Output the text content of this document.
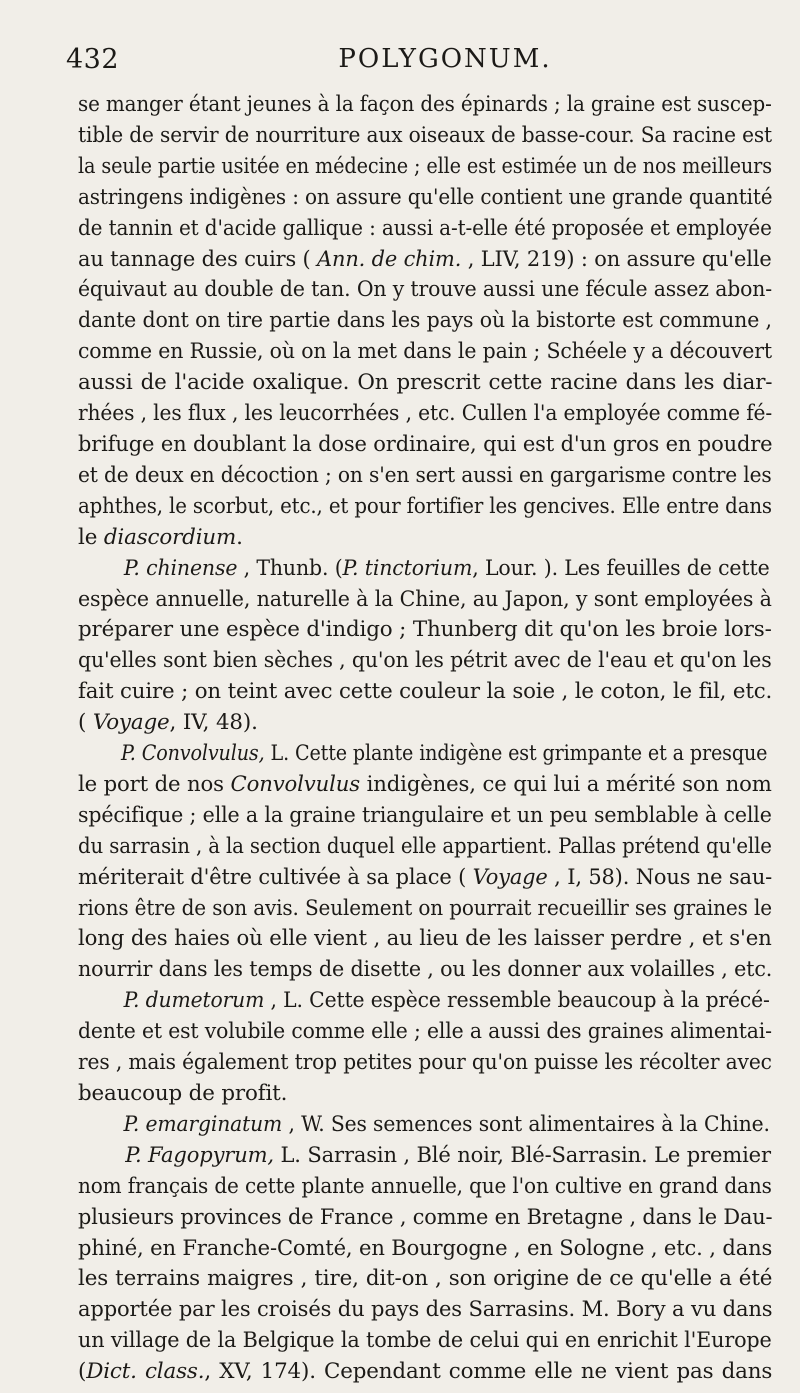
432	POLYGONUM.
se manger étant jeunes à la façon des épinards ; la graine est suscep-
tible de servir de nourriture aux oiseaux de basse-cour. Sa racine est
la seule partie usitée en médecine ; elle est estimée un de nos meilleurs
astringens indigènes : on assure qu'elle contient une grande quantité
de tannin et d'acide gallique : aussi a-t-elle été proposée et employée
au tannage des cuirs ( Ann. de chim. , LIV, 219) : on assure qu'elle
équivaut au double de tan. On y trouve aussi une fécule assez abon-
dante dont on tire partie dans les pays où la bistorte est commune ,
comme en Russie, où on la met dans le pain ; Schéele y a découvert
aussi de l'acide oxalique. On prescrit cette racine dans les diar-
rhées , les flux , les leucorrhées , etc. Cullen l'a employée comme fé-
brifuge en doublant la dose ordinaire, qui est d'un gros en poudre
et de deux en décoction ; on s'en sert aussi en gargarisme contre les
aphthes, le scorbut, etc., et pour fortifier les gencives. Elle entre dans
le diascordium.
P. chinense , Thunb. (P. tinctorium, Lour. ). Les feuilles de cette
espèce annuelle, naturelle à la Chine, au Japon, y sont employées à
préparer une espèce d'indigo ; Thunberg dit qu'on les broie lors-
qu'elles sont bien sèches , qu'on les pétrit avec de l'eau et qu'on les
fait cuire ; on teint avec cette couleur la soie , le coton, le fil, etc.
( Voyage, IV, 48).
P. Convolvulus, L. Cette plante indigène est grimpante et a presque
le port de nos Convolvulus indigènes, ce qui lui a mérité son nom
spécifique ; elle a la graine triangulaire et un peu semblable à celle
du sarrasin , à la section duquel elle appartient. Pallas prétend qu'elle
mériterait d'être cultivée à sa place ( Voyage , I, 58). Nous ne sau-
rions être de son avis. Seulement on pourrait recueillir ses graines le
long des haies où elle vient , au lieu de les laisser perdre , et s'en
nourrir dans les temps de disette , ou les donner aux volailles , etc.
P. dumetorum , L. Cette espèce ressemble beaucoup à la précé-
dente et est volubile comme elle ; elle a aussi des graines alimentai-
res , mais également trop petites pour qu'on puisse les récolter avec
beaucoup de profit.
P. emarginatum , W. Ses semences sont alimentaires à la Chine.
P. Fagopyrum, L. Sarrasin , Blé noir, Blé-Sarrasin. Le premier
nom français de cette plante annuelle, que l'on cultive en grand dans
plusieurs provinces de France , comme en Bretagne , dans le Dau-
phiné, en Franche-Comté, en Bourgogne , en Sologne , etc. , dans
les terrains maigres , tire, dit-on , son origine de ce qu'elle a été
apportée par les croisés du pays des Sarrasins. M. Bory a vu dans
un village de la Belgique la tombe de celui qui en enrichit l'Europe
(Dict. class., XV, 174). Cependant comme elle ne vient pas dans
